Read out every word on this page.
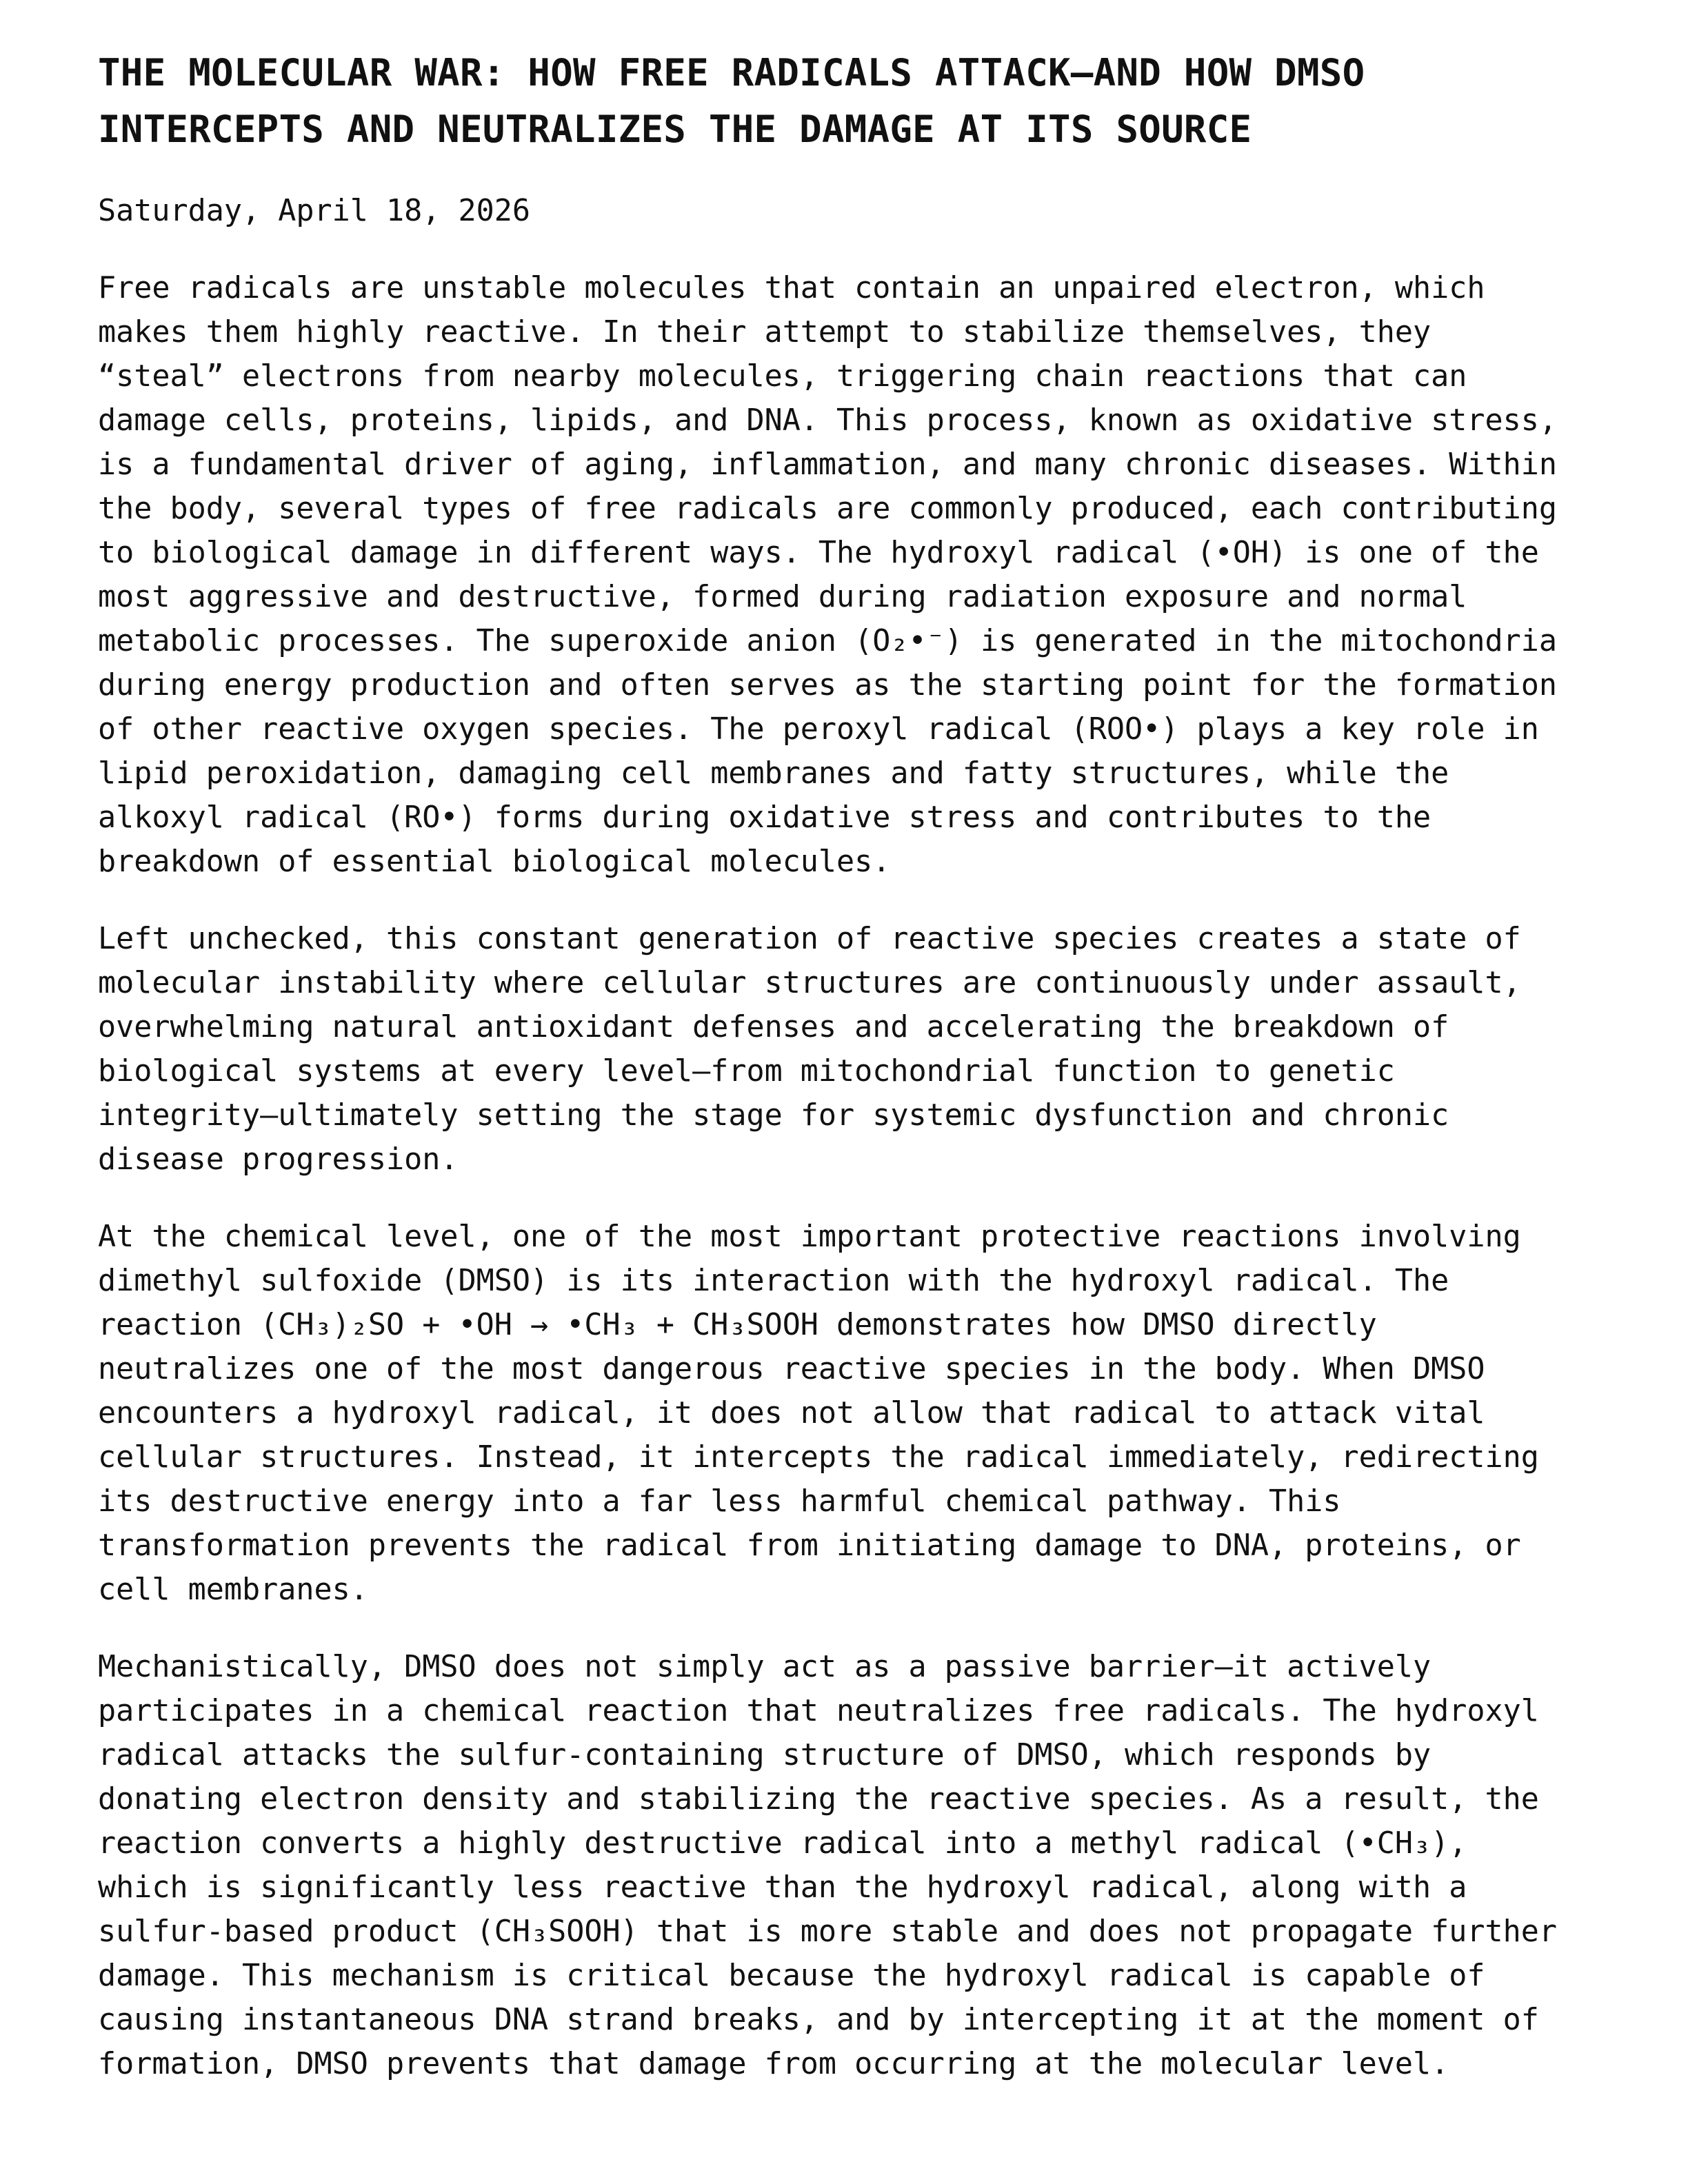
THE MOLECULAR WAR: HOW FREE RADICALS ATTACK—AND HOW DMSO
INTERCEPTS AND NEUTRALIZES THE DAMAGE AT ITS SOURCE
Saturday, April 18, 2026
Free radicals are unstable molecules that contain an unpaired electron, which
makes them highly reactive. In their attempt to stabilize themselves, they
“steal” electrons from nearby molecules, triggering chain reactions that can
damage cells, proteins, lipids, and DNA. This process, known as oxidative stress,
is a fundamental driver of aging, inflammation, and many chronic diseases. Within
the body, several types of free radicals are commonly produced, each contributing
to biological damage in different ways. The hydroxyl radical (•OH) is one of the
most aggressive and destructive, formed during radiation exposure and normal
metabolic processes. The superoxide anion (O₂•⁻) is generated in the mitochondria
during energy production and often serves as the starting point for the formation
of other reactive oxygen species. The peroxyl radical (ROO•) plays a key role in
lipid peroxidation, damaging cell membranes and fatty structures, while the
alkoxyl radical (RO•) forms during oxidative stress and contributes to the
breakdown of essential biological molecules.
Left unchecked, this constant generation of reactive species creates a state of
molecular instability where cellular structures are continuously under assault,
overwhelming natural antioxidant defenses and accelerating the breakdown of
biological systems at every level—from mitochondrial function to genetic
integrity—ultimately setting the stage for systemic dysfunction and chronic
disease progression.
At the chemical level, one of the most important protective reactions involving
dimethyl sulfoxide (DMSO) is its interaction with the hydroxyl radical. The
reaction (CH₃)₂SO + •OH → •CH₃ + CH₃SOOH demonstrates how DMSO directly
neutralizes one of the most dangerous reactive species in the body. When DMSO
encounters a hydroxyl radical, it does not allow that radical to attack vital
cellular structures. Instead, it intercepts the radical immediately, redirecting
its destructive energy into a far less harmful chemical pathway. This
transformation prevents the radical from initiating damage to DNA, proteins, or
cell membranes.
Mechanistically, DMSO does not simply act as a passive barrier—it actively
participates in a chemical reaction that neutralizes free radicals. The hydroxyl
radical attacks the sulfur-containing structure of DMSO, which responds by
donating electron density and stabilizing the reactive species. As a result, the
reaction converts a highly destructive radical into a methyl radical (•CH₃),
which is significantly less reactive than the hydroxyl radical, along with a
sulfur-based product (CH₃SOOH) that is more stable and does not propagate further
damage. This mechanism is critical because the hydroxyl radical is capable of
causing instantaneous DNA strand breaks, and by intercepting it at the moment of
formation, DMSO prevents that damage from occurring at the molecular level.
